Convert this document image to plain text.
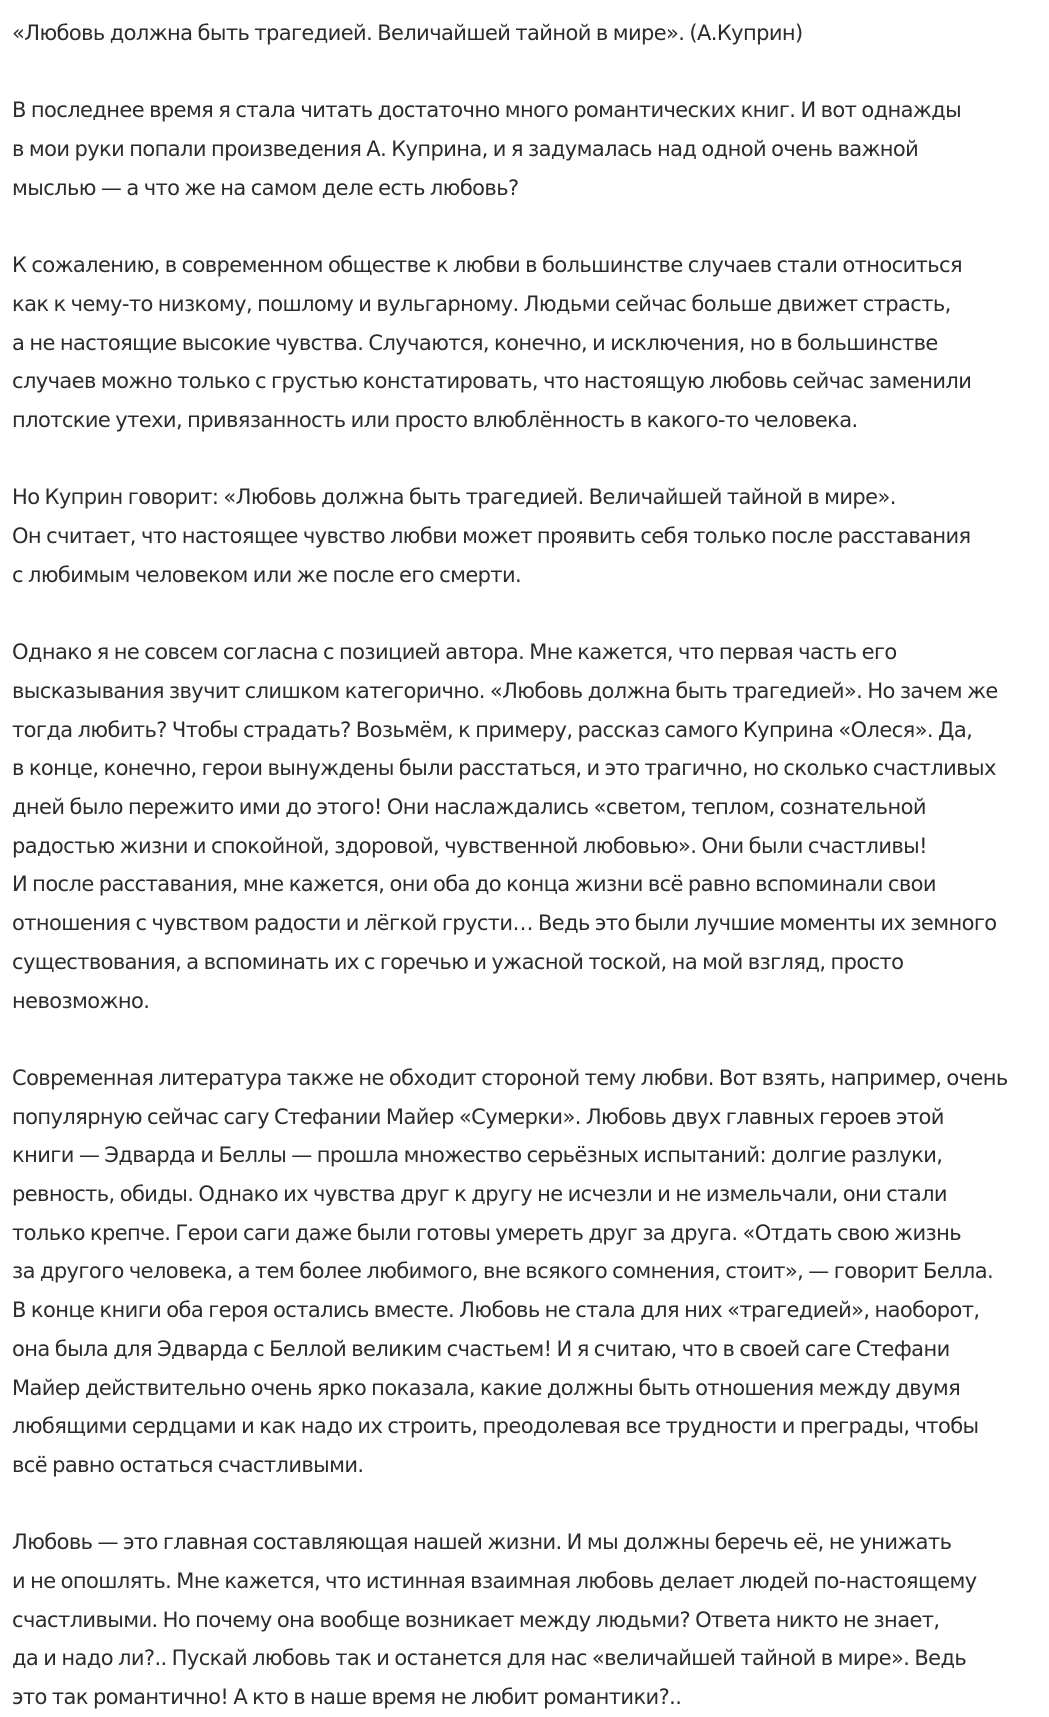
«Любовь должна быть трагедией. Величайшей тайной в мире». (А.Куприн)

В последнее время я стала читать достаточно много романтических книг. И вот однажды
в мои руки попали произведения А. Куприна, и я задумалась над одной очень важной
мыслью — а что же на самом деле есть любовь?

К сожалению, в современном обществе к любви в большинстве случаев стали относиться
как к чему-то низкому, пошлому и вульгарному. Людьми сейчас больше движет страсть,
а не настоящие высокие чувства. Случаются, конечно, и исключения, но в большинстве
случаев можно только с грустью констатировать, что настоящую любовь сейчас заменили
плотские утехи, привязанность или просто влюблённость в какого-то человека.

Но Куприн говорит: «Любовь должна быть трагедией. Величайшей тайной в мире».
Он считает, что настоящее чувство любви может проявить себя только после расставания
с любимым человеком или же после его смерти.

Однако я не совсем согласна с позицией автора. Мне кажется, что первая часть его
высказывания звучит слишком категорично. «Любовь должна быть трагедией». Но зачем же
тогда любить? Чтобы страдать? Возьмём, к примеру, рассказ самого Куприна «Олеся». Да,
в конце, конечно, герои вынуждены были расстаться, и это трагично, но сколько счастливых
дней было пережито ими до этого! Они наслаждались «светом, теплом, сознательной
радостью жизни и спокойной, здоровой, чувственной любовью». Они были счастливы!
И после расставания, мне кажется, они оба до конца жизни всё равно вспоминали свои
отношения с чувством радости и лёгкой грусти… Ведь это были лучшие моменты их земного
существования, а вспоминать их с горечью и ужасной тоской, на мой взгляд, просто
невозможно.

Современная литература также не обходит стороной тему любви. Вот взять, например, очень
популярную сейчас сагу Стефании Майер «Сумерки». Любовь двух главных героев этой
книги — Эдварда и Беллы — прошла множество серьёзных испытаний: долгие разлуки,
ревность, обиды. Однако их чувства друг к другу не исчезли и не измельчали, они стали
только крепче. Герои саги даже были готовы умереть друг за друга. «Отдать свою жизнь
за другого человека, а тем более любимого, вне всякого сомнения, стоит», — говорит Белла.
В конце книги оба героя остались вместе. Любовь не стала для них «трагедией», наоборот,
она была для Эдварда с Беллой великим счастьем! И я считаю, что в своей саге Стефани
Майер действительно очень ярко показала, какие должны быть отношения между двумя
любящими сердцами и как надо их строить, преодолевая все трудности и преграды, чтобы
всё равно остаться счастливыми.

Любовь — это главная составляющая нашей жизни. И мы должны беречь её, не унижать
и не опошлять. Мне кажется, что истинная взаимная любовь делает людей по-настоящему
счастливыми. Но почему она вообще возникает между людьми? Ответа никто не знает,
да и надо ли?.. Пускай любовь так и останется для нас «величайшей тайной в мире». Ведь
это так романтично! А кто в наше время не любит романтики?..
